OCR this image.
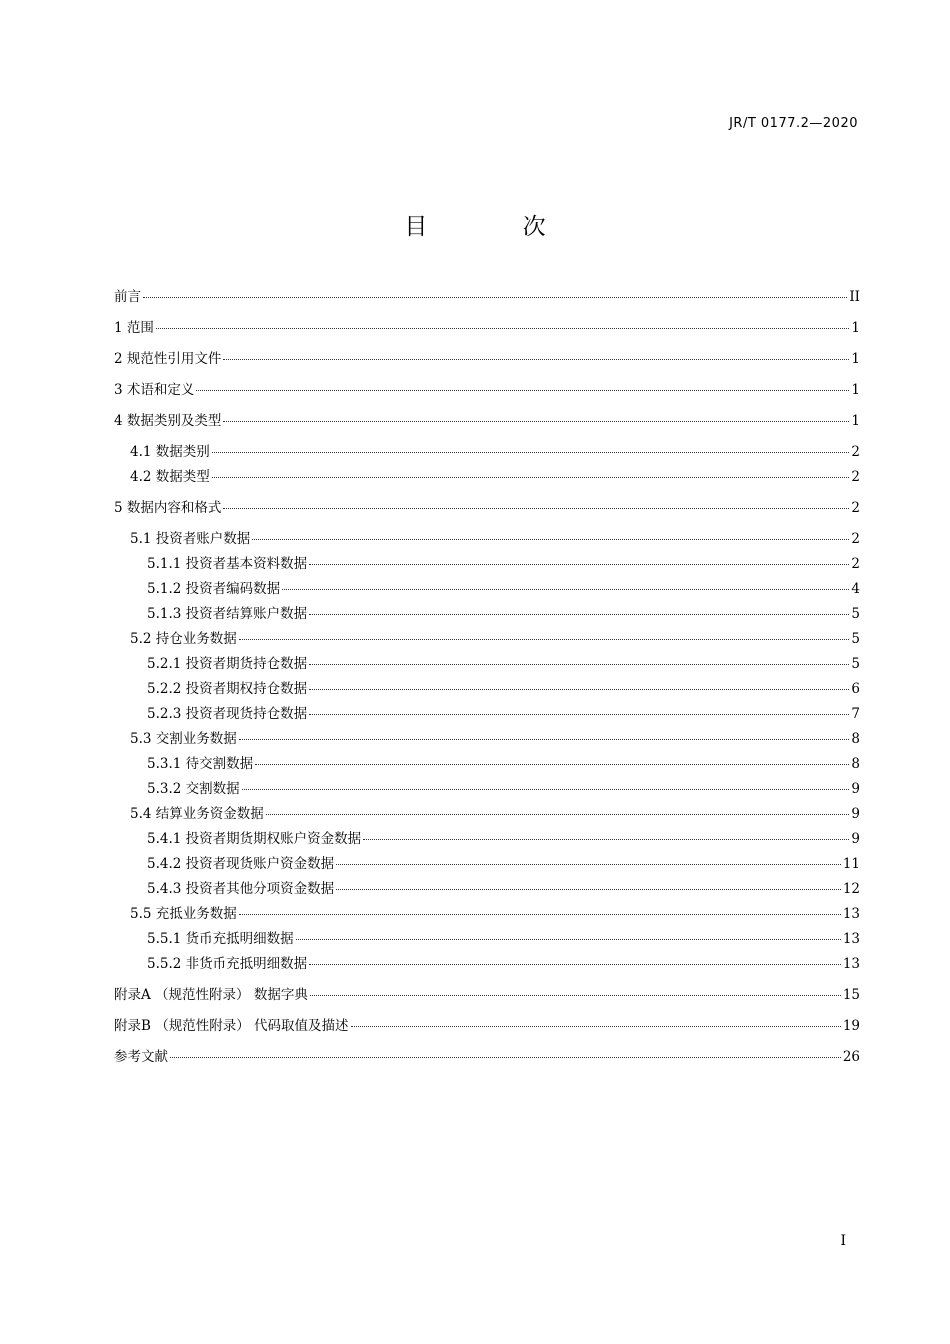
JR/T 0177.2—2020
目 次
前言	II
1 范围	1
2 规范性引用文件	1
3 术语和定义	1
4 数据类别及类型	1
4.1 数据类别	2
4.2 数据类型	2
5 数据内容和格式	2
5.1 投资者账户数据	2
5.1.1 投资者基本资料数据	2
5.1.2 投资者编码数据	4
5.1.3 投资者结算账户数据	5
5.2 持仓业务数据	5
5.2.1 投资者期货持仓数据	5
5.2.2 投资者期权持仓数据	6
5.2.3 投资者现货持仓数据	7
5.3 交割业务数据	8
5.3.1 待交割数据	8
5.3.2 交割数据	9
5.4 结算业务资金数据	9
5.4.1 投资者期货期权账户资金数据	9
5.4.2 投资者现货账户资金数据	11
5.4.3 投资者其他分项资金数据	12
5.5 充抵业务数据	13
5.5.1 货币充抵明细数据	13
5.5.2 非货币充抵明细数据	13
附录A （规范性附录） 数据字典	15
附录B （规范性附录） 代码取值及描述	19
参考文献	26
I
